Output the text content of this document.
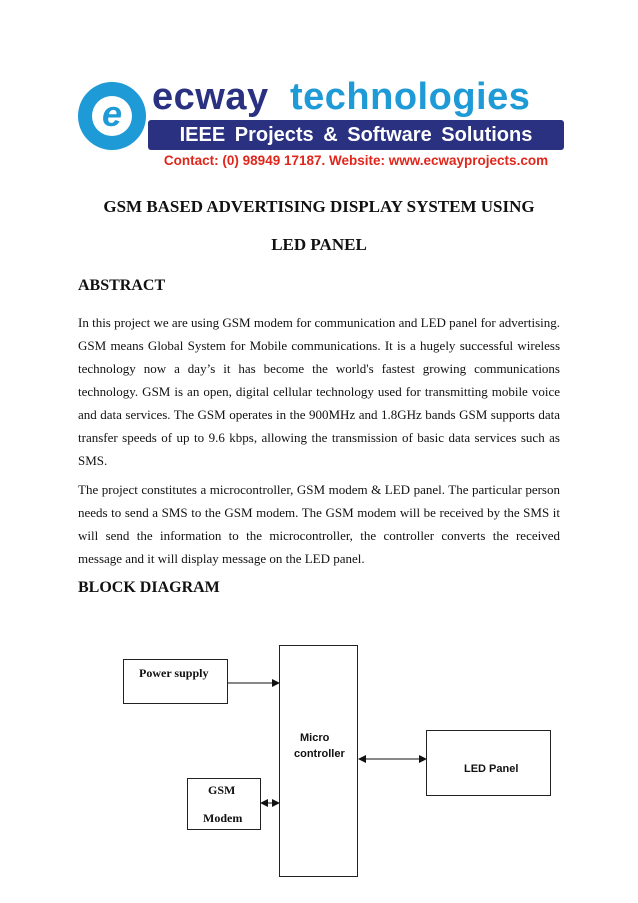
e ecway technologies
IEEE Projects & Software Solutions
Contact: (0) 98949 17187. Website: www.ecwayprojects.com
GSM BASED ADVERTISING DISPLAY SYSTEM USING
LED PANEL
ABSTRACT

In this project we are using GSM modem for communication and LED panel for advertising. GSM means Global System for Mobile communications. It is a hugely successful wireless technology now a day’s it has become the world's fastest growing communications technology. GSM is an open, digital cellular technology used for transmitting mobile voice and data services. The GSM operates in the 900MHz and 1.8GHz bands GSM supports data transfer speeds of up to 9.6 kbps, allowing the transmission of basic data services such as SMS.

The project constitutes a microcontroller, GSM modem & LED panel. The particular person needs to send a SMS to the GSM modem. The GSM modem will be received by the SMS it will send the information to the microcontroller, the controller converts the received message and it will display message on the LED panel.

BLOCK DIAGRAM
Power supply
Micro
controller
LED Panel
GSM
Modem
